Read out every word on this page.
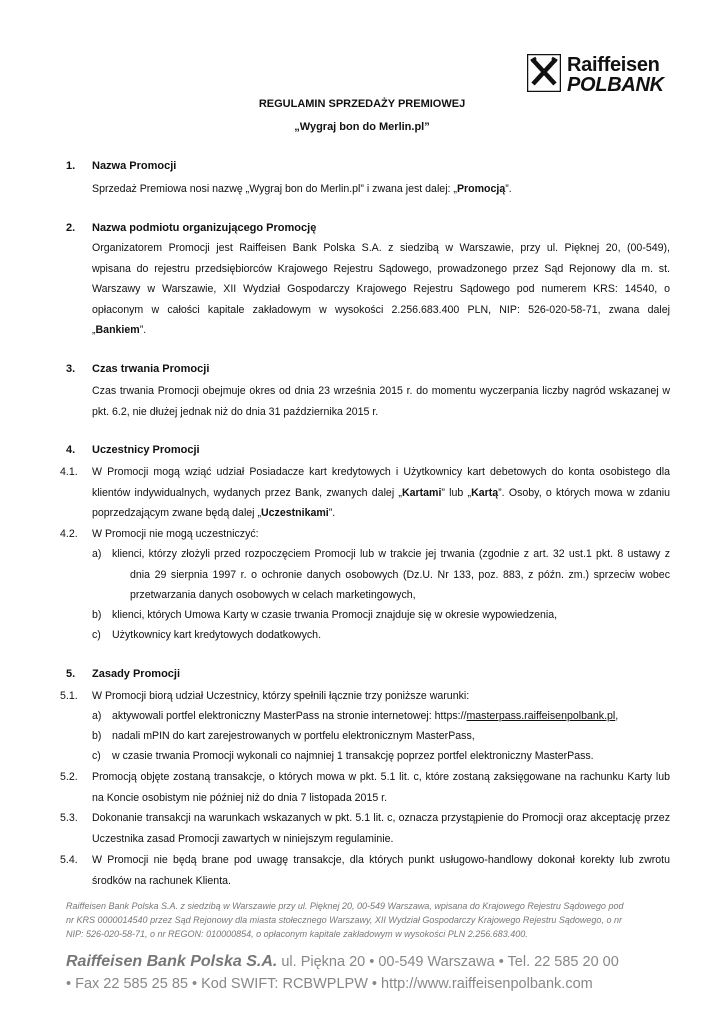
Raiffeisen
POLBANK
REGULAMIN SPRZEDAŻY PREMIOWEJ
„Wygraj bon do Merlin.pl”
1. Nazwa Promocji
Sprzedaż Premiowa nosi nazwę „Wygraj bon do Merlin.pl” i zwana jest dalej: „Promocją”.
2. Nazwa podmiotu organizującego Promocję
Organizatorem Promocji jest Raiffeisen Bank Polska S.A. z siedzibą w Warszawie, przy ul. Pięknej 20, (00-549),
wpisana do rejestru przedsiębiorców Krajowego Rejestru Sądowego, prowadzonego przez Sąd Rejonowy dla m. st.
Warszawy w Warszawie, XII Wydział Gospodarczy Krajowego Rejestru Sądowego pod numerem KRS: 14540, o
opłaconym w całości kapitale zakładowym w wysokości 2.256.683.400 PLN, NIP: 526-020-58-71, zwana dalej
„Bankiem”.
3. Czas trwania Promocji
Czas trwania Promocji obejmuje okres od dnia 23 września 2015 r. do momentu wyczerpania liczby nagród wskazanej w
pkt. 6.2, nie dłużej jednak niż do dnia 31 października 2015 r.
4. Uczestnicy Promocji
4.1. W Promocji mogą wziąć udział Posiadacze kart kredytowych i Użytkownicy kart debetowych do konta osobistego dla
klientów indywidualnych, wydanych przez Bank, zwanych dalej „Kartami” lub „Kartą”. Osoby, o których mowa w zdaniu
poprzedzającym zwane będą dalej „Uczestnikami”.
4.2. W Promocji nie mogą uczestniczyć:
a) klienci, którzy złożyli przed rozpoczęciem Promocji lub w trakcie jej trwania (zgodnie z art. 32 ust.1 pkt. 8 ustawy z
dnia 29 sierpnia 1997 r. o ochronie danych osobowych (Dz.U. Nr 133, poz. 883, z późn. zm.) sprzeciw wobec
przetwarzania danych osobowych w celach marketingowych,
b) klienci, których Umowa Karty w czasie trwania Promocji znajduje się w okresie wypowiedzenia,
c) Użytkownicy kart kredytowych dodatkowych.
5. Zasady Promocji
5.1. W Promocji biorą udział Uczestnicy, którzy spełnili łącznie trzy poniższe warunki:
a) aktywowali portfel elektroniczny MasterPass na stronie internetowej: https://masterpass.raiffeisenpolbank.pl,
b) nadali mPIN do kart zarejestrowanych w portfelu elektronicznym MasterPass,
c) w czasie trwania Promocji wykonali co najmniej 1 transakcję poprzez portfel elektroniczny MasterPass.
5.2. Promocją objęte zostaną transakcje, o których mowa w pkt. 5.1 lit. c, które zostaną zaksięgowane na rachunku Karty lub
na Koncie osobistym nie później niż do dnia 7 listopada 2015 r.
5.3. Dokonanie transakcji na warunkach wskazanych w pkt. 5.1 lit. c, oznacza przystąpienie do Promocji oraz akceptację przez
Uczestnika zasad Promocji zawartych w niniejszym regulaminie.
5.4. W Promocji nie będą brane pod uwagę transakcje, dla których punkt usługowo-handlowy dokonał korekty lub zwrotu
środków na rachunek Klienta.
Raiffeisen Bank Polska S.A. z siedzibą w Warszawie przy ul. Pięknej 20, 00-549 Warszawa, wpisana do Krajowego Rejestru Sądowego pod
nr KRS 0000014540 przez Sąd Rejonowy dla miasta stołecznego Warszawy, XII Wydział Gospodarczy Krajowego Rejestru Sądowego, o nr
NIP: 526-020-58-71, o nr REGON: 010000854, o opłaconym kapitale zakładowym w wysokości PLN 2.256.683.400.
Raiffeisen Bank Polska S.A. ul. Piękna 20 • 00-549 Warszawa • Tel. 22 585 20 00
• Fax 22 585 25 85 • Kod SWIFT: RCBWPLPW • http://www.raiffeisenpolbank.com
